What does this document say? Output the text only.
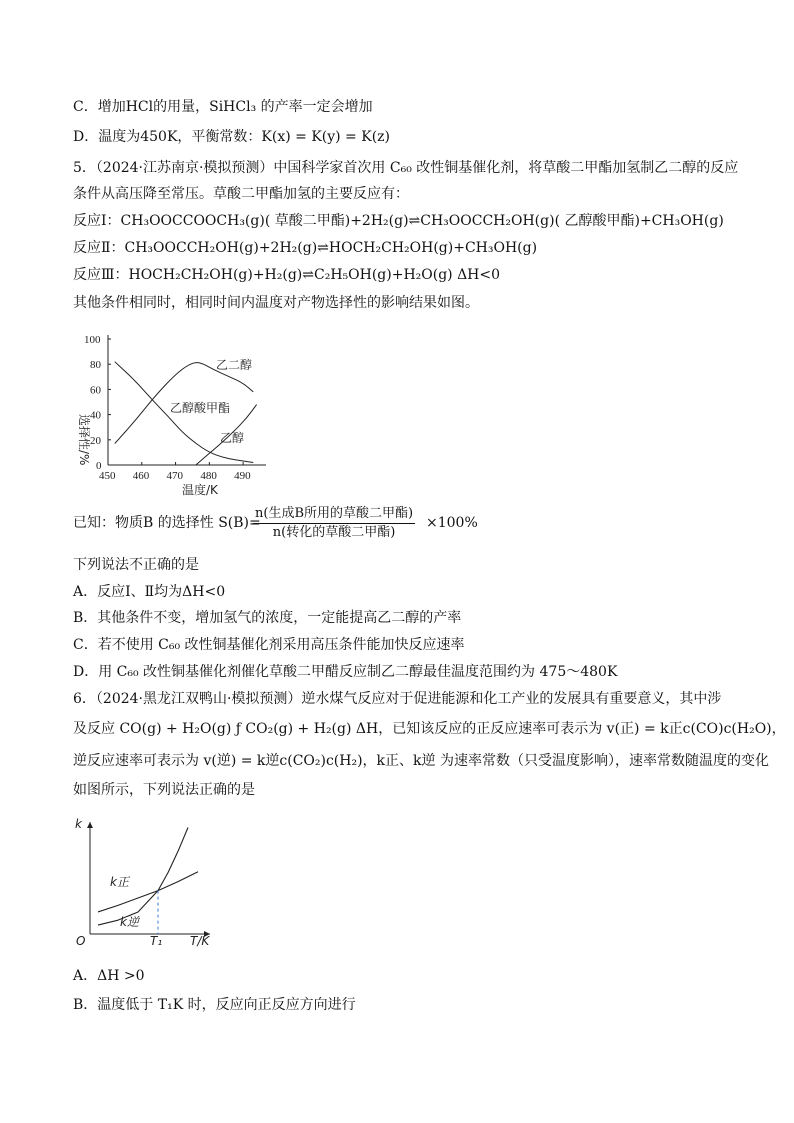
C．增加HCl的用量，SiHCl₃ 的产率一定会增加
D．温度为450K，平衡常数：K(x) = K(y) = K(z)
5．（2024·江苏南京·模拟预测）中国科学家首次用 C₆₀ 改性铜基催化剂，将草酸二甲酯加氢制乙二醇的反应
条件从高压降至常压。草酸二甲酯加氢的主要反应有：
反应Ⅰ：CH₃OOCCOOCH₃(g)( 草酸二甲酯)+2H₂(g)⇌CH₃OOCCH₂OH(g)( 乙醇酸甲酯)+CH₃OH(g)
反应Ⅱ：CH₃OOCCH₂OH(g)+2H₂(g)⇌HOCH₂CH₂OH(g)+CH₃OH(g)
反应Ⅲ：HOCH₂CH₂OH(g)+H₂(g)⇌C₂H₅OH(g)+H₂O(g) ΔH<0
其他条件相同时，相同时间内温度对产物选择性的影响结果如图。
450 460 470 480 490
0
20
40
60
80
100
温度/K
选择性/%
乙二醇
乙醇酸甲酯
乙醇
已知：物质B 的选择性 S(B)=
n(生成B所用的草酸二甲酯)
n(转化的草酸二甲酯)
×100%
下列说法不正确的是
A．反应Ⅰ、Ⅱ均为ΔH<0
B．其他条件不变，增加氢气的浓度，一定能提高乙二醇的产率
C．若不使用 C₆₀ 改性铜基催化剂采用高压条件能加快反应速率
D．用 C₆₀ 改性铜基催化剂催化草酸二甲醋反应制乙二醇最佳温度范围约为 475～480K
6．（2024·黑龙江双鸭山·模拟预测）逆水煤气反应对于促进能源和化工产业的发展具有重要意义，其中涉
及反应 CO(g) + H₂O(g) ƒ CO₂(g) + H₂(g) ΔH，已知该反应的正反应速率可表示为 v(正) = k正c(CO)c(H₂O)，
逆反应速率可表示为 v(逆) = k逆c(CO₂)c(H₂)，k正、k逆 为速率常数（只受温度影响），速率常数随温度的变化
如图所示，下列说法正确的是
k
O	T/K
T₁
k正
k逆
A．ΔH >0
B．温度低于 T₁K 时，反应向正反应方向进行
